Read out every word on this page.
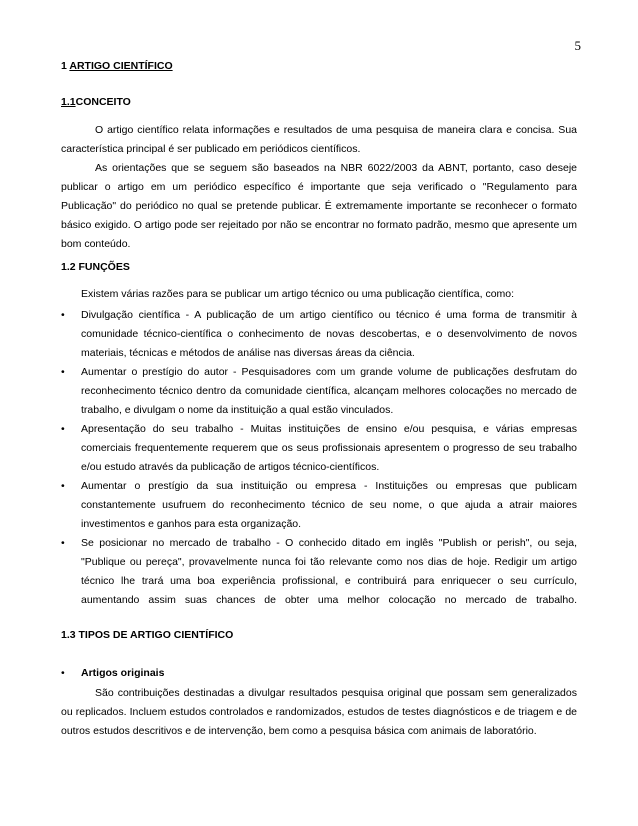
5
1 ARTIGO CIENTÍFICO
1.1CONCEITO
O artigo científico relata informações e resultados de uma pesquisa de maneira clara e concisa. Sua característica principal é ser publicado em periódicos científicos.
As orientações que se seguem são baseados na NBR 6022/2003 da ABNT, portanto, caso deseje publicar o artigo em um periódico específico é importante que seja verificado o "Regulamento para Publicação" do periódico no qual se pretende publicar. É extremamente importante se reconhecer o formato básico exigido. O artigo pode ser rejeitado por não se encontrar no formato padrão, mesmo que apresente um bom conteúdo.
1.2 FUNÇÕES
Existem várias razões para se publicar um artigo técnico ou uma publicação científica, como:
• Divulgação científica - A publicação de um artigo científico ou técnico é uma forma de transmitir à comunidade técnico-científica o conhecimento de novas descobertas, e o desenvolvimento de novos materiais, técnicas e métodos de análise nas diversas áreas da ciência.
• Aumentar o prestígio do autor - Pesquisadores com um grande volume de publicações desfrutam do reconhecimento técnico dentro da comunidade científica, alcançam melhores colocações no mercado de trabalho, e divulgam o nome da instituição a qual estão vinculados.
• Apresentação do seu trabalho - Muitas instituições de ensino e/ou pesquisa, e várias empresas comerciais frequentemente requerem que os seus profissionais apresentem o progresso de seu trabalho e/ou estudo através da publicação de artigos técnico-científicos.
• Aumentar o prestígio da sua instituição ou empresa - Instituições ou empresas que publicam constantemente usufruem do reconhecimento técnico de seu nome, o que ajuda a atrair maiores investimentos e ganhos para esta organização.
• Se posicionar no mercado de trabalho - O conhecido ditado em inglês "Publish or perish", ou seja, "Publique ou pereça", provavelmente nunca foi tão relevante como nos dias de hoje. Redigir um artigo técnico lhe trará uma boa experiência profissional, e contribuirá para enriquecer o seu currículo, aumentando assim suas chances de obter uma melhor colocação no mercado de trabalho.
1.3 TIPOS DE ARTIGO CIENTÍFICO
• Artigos originais
São contribuições destinadas a divulgar resultados pesquisa original que possam sem generalizados ou replicados. Incluem estudos controlados e randomizados, estudos de testes diagnósticos e de triagem e de outros estudos descritivos e de intervenção, bem como a pesquisa básica com animais de laboratório.
